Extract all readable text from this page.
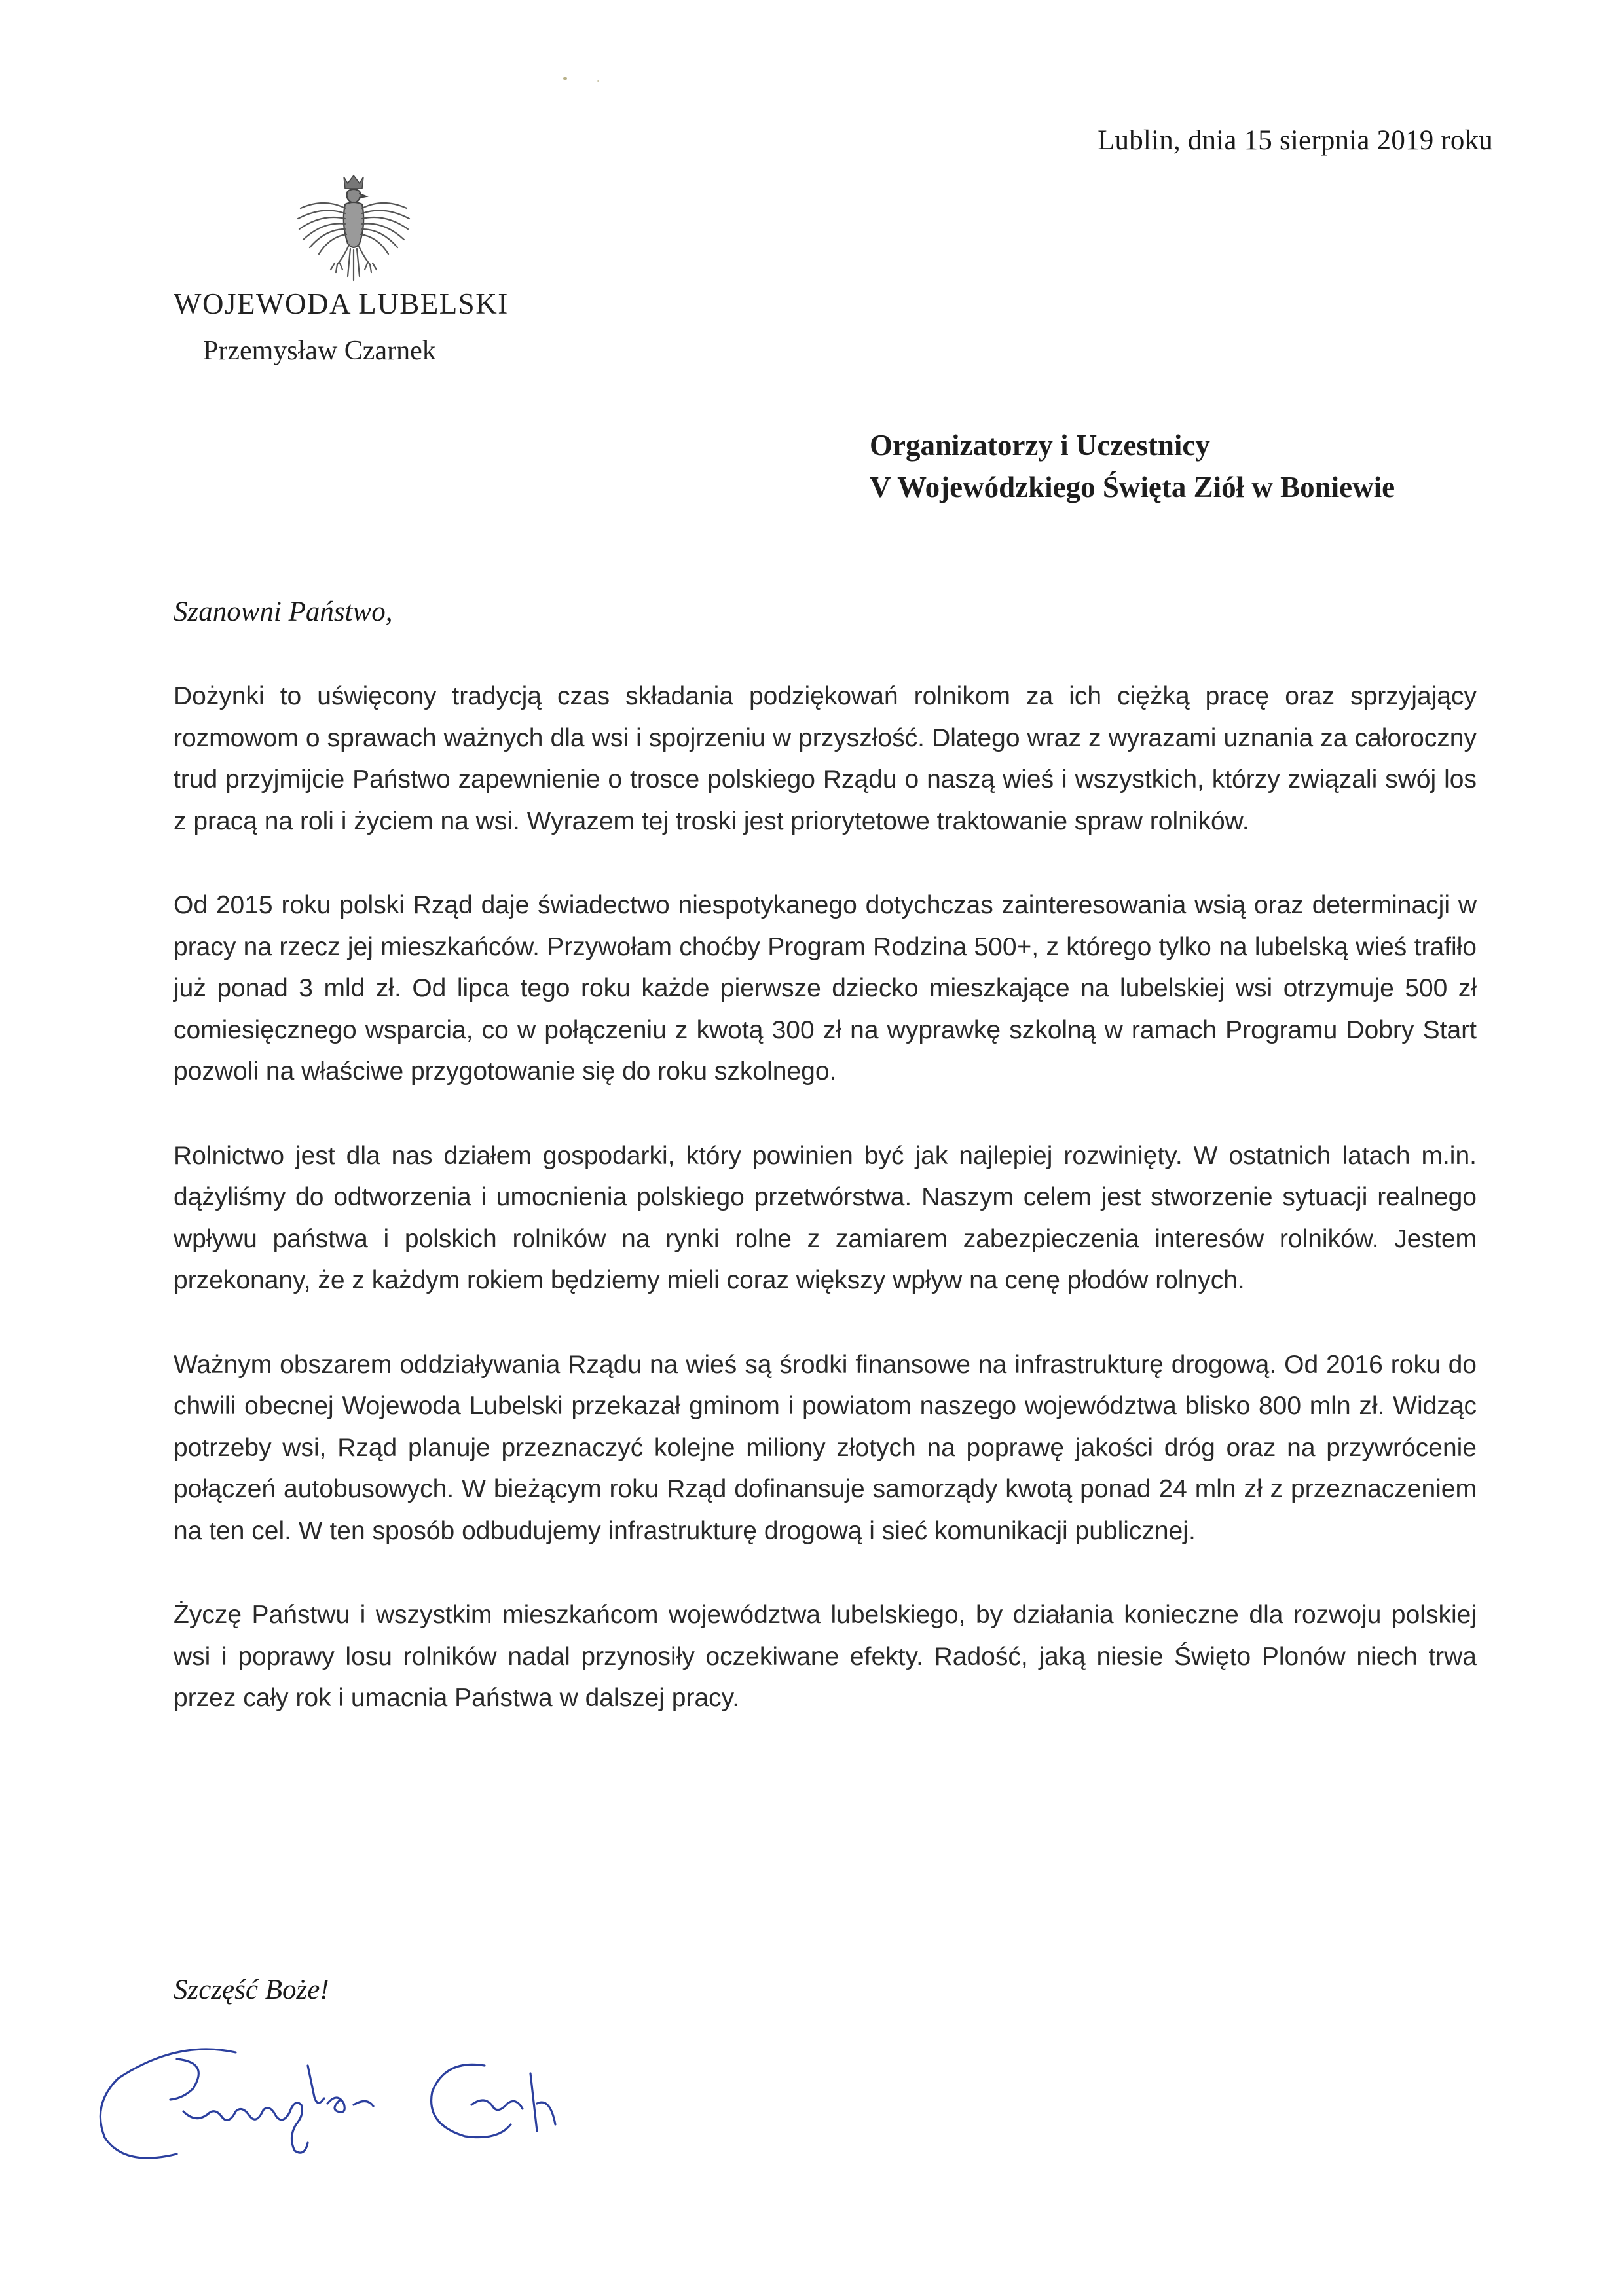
Lublin, dnia 15 sierpnia 2019 roku
WOJEWODA LUBELSKI
Przemysław Czarnek
Organizatorzy i Uczestnicy
V Wojewódzkiego Święta Ziół w Boniewie
Szanowni Państwo,

Dożynki to uświęcony tradycją czas składania podziękowań rolnikom za ich ciężką pracę oraz sprzyjający rozmowom o sprawach ważnych dla wsi i spojrzeniu w przyszłość. Dlatego wraz z wyrazami uznania za całoroczny trud przyjmijcie Państwo zapewnienie o trosce polskiego Rządu o naszą wieś i wszystkich, którzy związali swój los z pracą na roli i życiem na wsi. Wyrazem tej troski jest priorytetowe traktowanie spraw rolników.

Od 2015 roku polski Rząd daje świadectwo niespotykanego dotychczas zainteresowania wsią oraz determinacji w pracy na rzecz jej mieszkańców. Przywołam choćby Program Rodzina 500+, z którego tylko na lubelską wieś trafiło już ponad 3 mld zł. Od lipca tego roku każde pierwsze dziecko mieszkające na lubelskiej wsi otrzymuje 500 zł comiesięcznego wsparcia, co w połączeniu z kwotą 300 zł na wyprawkę szkolną w ramach Programu Dobry Start pozwoli na właściwe przygotowanie się do roku szkolnego.

Rolnictwo jest dla nas działem gospodarki, który powinien być jak najlepiej rozwinięty. W ostatnich latach m.in. dążyliśmy do odtworzenia i umocnienia polskiego przetwórstwa. Naszym celem jest stworzenie sytuacji realnego wpływu państwa i polskich rolników na rynki rolne z zamiarem zabezpieczenia interesów rolników. Jestem przekonany, że z każdym rokiem będziemy mieli coraz większy wpływ na cenę płodów rolnych.

Ważnym obszarem oddziaływania Rządu na wieś są środki finansowe na infrastrukturę drogową. Od 2016 roku do chwili obecnej Wojewoda Lubelski przekazał gminom i powiatom naszego województwa blisko 800 mln zł. Widząc potrzeby wsi, Rząd planuje przeznaczyć kolejne miliony złotych na poprawę jakości dróg oraz na przywrócenie połączeń autobusowych. W bieżącym roku Rząd dofinansuje samorządy kwotą ponad 24 mln zł z przeznaczeniem na ten cel. W ten sposób odbudujemy infrastrukturę drogową i sieć komunikacji publicznej.

Życzę Państwu i wszystkim mieszkańcom województwa lubelskiego, by działania konieczne dla rozwoju polskiej wsi i poprawy losu rolników nadal przynosiły oczekiwane efekty. Radość, jaką niesie Święto Plonów niech trwa przez cały rok i umacnia Państwa w dalszej pracy.

Szczęść Boże!
